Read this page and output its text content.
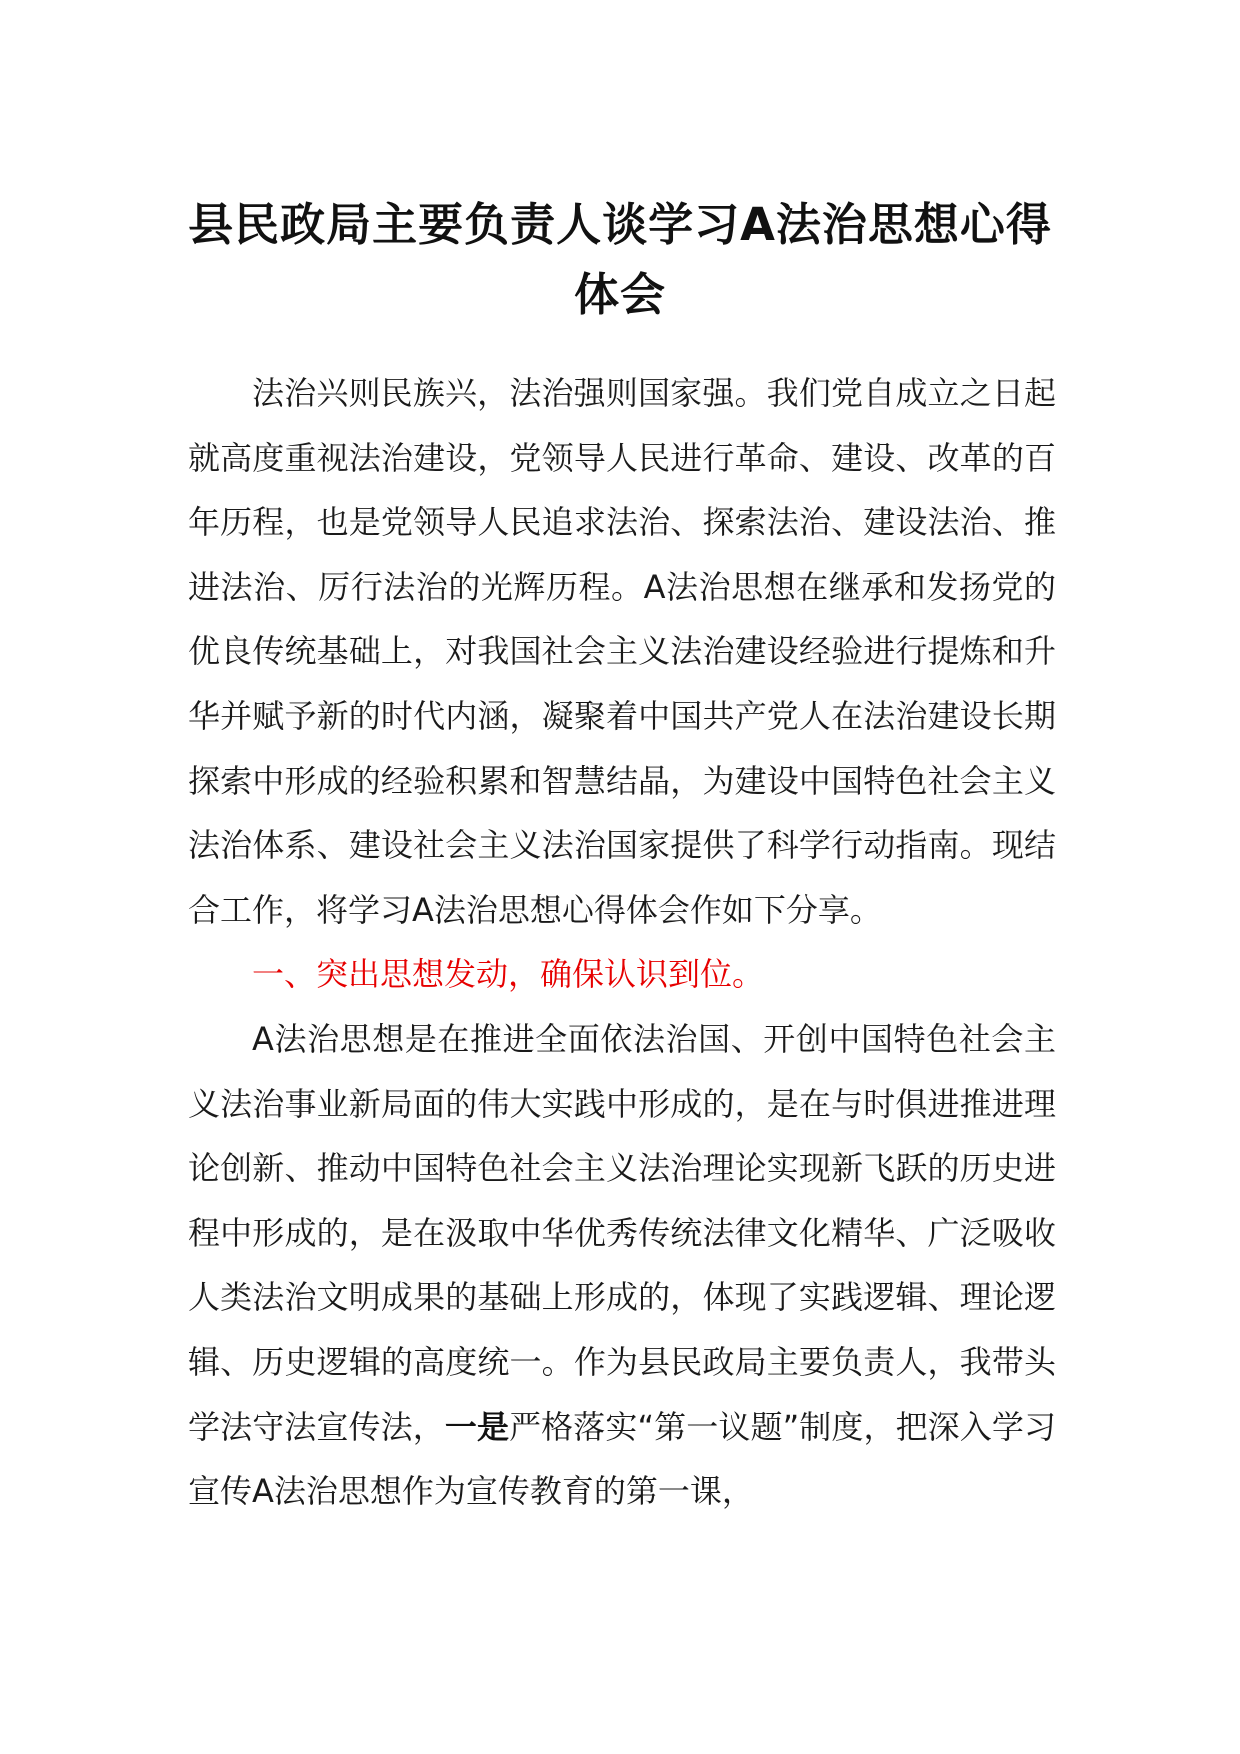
县民政局主要负责人谈学习A法治思想心得
体会

法治兴则民族兴，法治强则国家强。我们党自成立之日起就高度重视法治建设，党领导人民进行革命、建设、改革的百年历程，也是党领导人民追求法治、探索法治、建设法治、推进法治、厉行法治的光辉历程。A法治思想在继承和发扬党的优良传统基础上，对我国社会主义法治建设经验进行提炼和升华并赋予新的时代内涵，凝聚着中国共产党人在法治建设长期探索中形成的经验积累和智慧结晶，为建设中国特色社会主义法治体系、建设社会主义法治国家提供了科学行动指南。现结合工作，将学习A法治思想心得体会作如下分享。

一、突出思想发动，确保认识到位。

A法治思想是在推进全面依法治国、开创中国特色社会主义法治事业新局面的伟大实践中形成的，是在与时俱进推进理论创新、推动中国特色社会主义法治理论实现新飞跃的历史进程中形成的，是在汲取中华优秀传统法律文化精华、广泛吸收人类法治文明成果的基础上形成的，体现了实践逻辑、理论逻辑、历史逻辑的高度统一。作为县民政局主要负责人，我带头学法守法宣传法，一是严格落实“第一议题”制度，把深入学习宣传A法治思想作为宣传教育的第一课，
